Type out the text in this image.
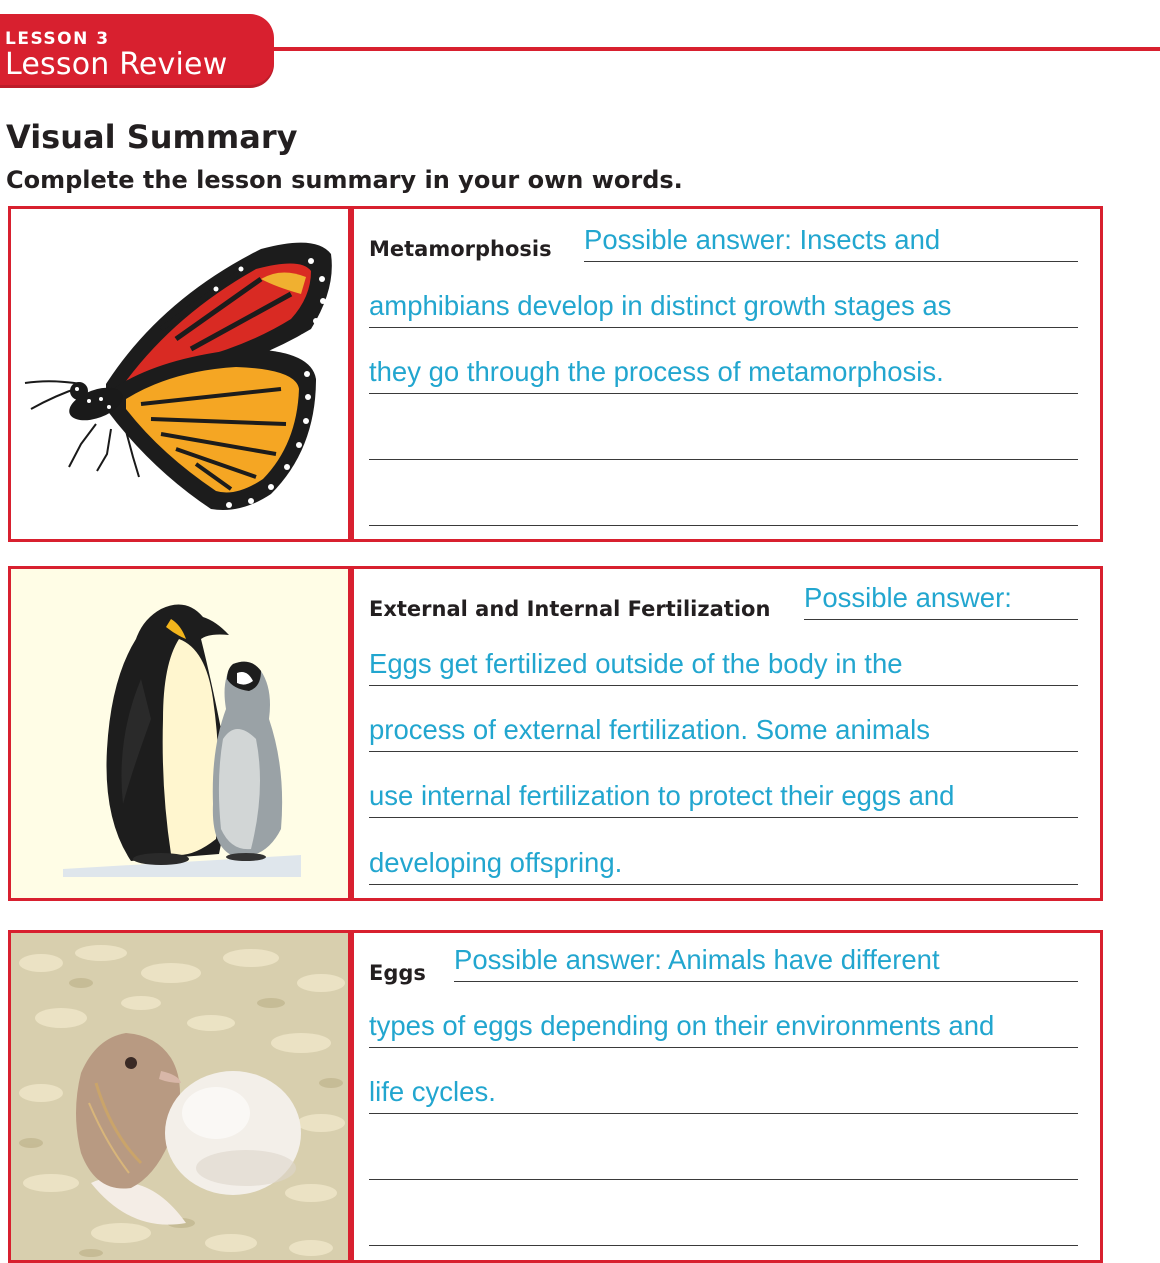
LESSON 3
Lesson Review
Visual Summary
Complete the lesson summary in your own words.
Metamorphosis Possible answer: Insects and
amphibians develop in distinct growth stages as
they go through the process of metamorphosis.
External and Internal Fertilization Possible answer:
Eggs get fertilized outside of the body in the
process of external fertilization. Some animals
use internal fertilization to protect their eggs and
developing offspring.
Eggs Possible answer: Animals have different
types of eggs depending on their environments and
life cycles.
